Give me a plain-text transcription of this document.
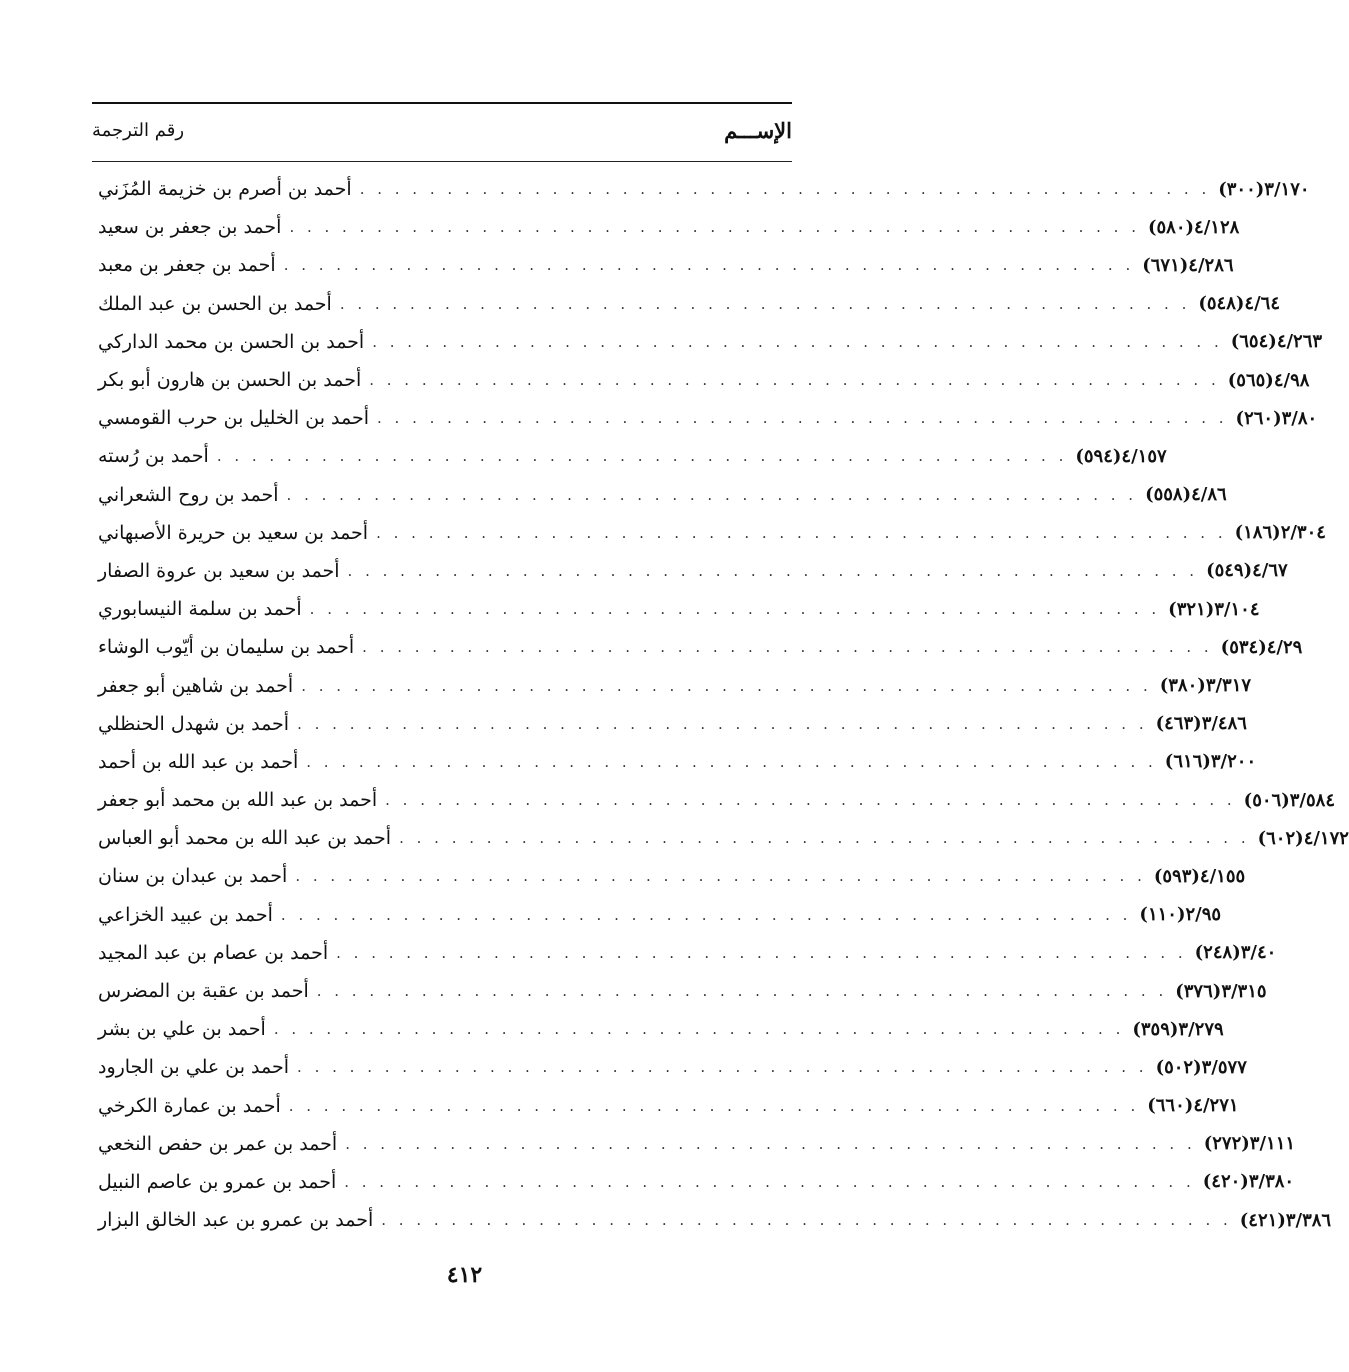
الإســـم
رقم الترجمة
أحمد بن أصرم بن خزيمة المُزَني . . . . . . . . . . . . . . . . . . . . . . . . . . . . . . . . . . . . . . . . . . . . . . . . . ٣/١٧٠(٣٠٠)
أحمد بن جعفر بن سعيد . . . . . . . . . . . . . . . . . . . . . . . . . . . . . . . . . . . . . . . . . . . . . . . . . ٤/١٢٨(٥٨٠)
أحمد بن جعفر بن معبد . . . . . . . . . . . . . . . . . . . . . . . . . . . . . . . . . . . . . . . . . . . . . . . . . ٤/٢٨٦(٦٧١)
أحمد بن الحسن بن عبد الملك . . . . . . . . . . . . . . . . . . . . . . . . . . . . . . . . . . . . . . . . . . . . . . . . . ٤/٦٤(٥٤٨)
أحمد بن الحسن بن محمد الداركي . . . . . . . . . . . . . . . . . . . . . . . . . . . . . . . . . . . . . . . . . . . . . . . . . ٤/٢٦٣(٦٥٤)
أحمد بن الحسن بن هارون أبو بكر . . . . . . . . . . . . . . . . . . . . . . . . . . . . . . . . . . . . . . . . . . . . . . . . . ٤/٩٨(٥٦٥)
أحمد بن الخليل بن حرب القومسي . . . . . . . . . . . . . . . . . . . . . . . . . . . . . . . . . . . . . . . . . . . . . . . . . ٣/٨٠(٢٦٠)
أحمد بن رُسته . . . . . . . . . . . . . . . . . . . . . . . . . . . . . . . . . . . . . . . . . . . . . . . . . ٤/١٥٧(٥٩٤)
أحمد بن روح الشعراني . . . . . . . . . . . . . . . . . . . . . . . . . . . . . . . . . . . . . . . . . . . . . . . . . ٤/٨٦(٥٥٨)
أحمد بن سعيد بن حريرة الأصبهاني . . . . . . . . . . . . . . . . . . . . . . . . . . . . . . . . . . . . . . . . . . . . . . . . . ٢/٣٠٤(١٨٦)
أحمد بن سعيد بن عروة الصفار . . . . . . . . . . . . . . . . . . . . . . . . . . . . . . . . . . . . . . . . . . . . . . . . . ٤/٦٧(٥٤٩)
أحمد بن سلمة النيسابوري . . . . . . . . . . . . . . . . . . . . . . . . . . . . . . . . . . . . . . . . . . . . . . . . . ٣/١٠٤(٣٢١)
أحمد بن سليمان بن أيّوب الوشاء . . . . . . . . . . . . . . . . . . . . . . . . . . . . . . . . . . . . . . . . . . . . . . . . . ٤/٢٩(٥٣٤)
أحمد بن شاهين أبو جعفر . . . . . . . . . . . . . . . . . . . . . . . . . . . . . . . . . . . . . . . . . . . . . . . . . ٣/٣١٧(٣٨٠)
أحمد بن شهدل الحنظلي . . . . . . . . . . . . . . . . . . . . . . . . . . . . . . . . . . . . . . . . . . . . . . . . . ٣/٤٨٦(٤٦٣)
أحمد بن عبد الله بن أحمد . . . . . . . . . . . . . . . . . . . . . . . . . . . . . . . . . . . . . . . . . . . . . . . . . ٣/٢٠٠(٦١٦)
أحمد بن عبد الله بن محمد أبو جعفر . . . . . . . . . . . . . . . . . . . . . . . . . . . . . . . . . . . . . . . . . . . . . . . . . ٣/٥٨٤(٥٠٦)
أحمد بن عبد الله بن محمد أبو العباس . . . . . . . . . . . . . . . . . . . . . . . . . . . . . . . . . . . . . . . . . . . . . . . . . ٤/١٧٢(٦٠٢)
أحمد بن عبدان بن سنان . . . . . . . . . . . . . . . . . . . . . . . . . . . . . . . . . . . . . . . . . . . . . . . . . ٤/١٥٥(٥٩٣)
أحمد بن عبيد الخزاعي . . . . . . . . . . . . . . . . . . . . . . . . . . . . . . . . . . . . . . . . . . . . . . . . . ٢/٩٥(١١٠)
أحمد بن عصام بن عبد المجيد . . . . . . . . . . . . . . . . . . . . . . . . . . . . . . . . . . . . . . . . . . . . . . . . . ٣/٤٠(٢٤٨)
أحمد بن عقبة بن المضرس . . . . . . . . . . . . . . . . . . . . . . . . . . . . . . . . . . . . . . . . . . . . . . . . . ٣/٣١٥(٣٧٦)
أحمد بن علي بن بشر . . . . . . . . . . . . . . . . . . . . . . . . . . . . . . . . . . . . . . . . . . . . . . . . . ٣/٢٧٩(٣٥٩)
أحمد بن علي بن الجارود . . . . . . . . . . . . . . . . . . . . . . . . . . . . . . . . . . . . . . . . . . . . . . . . . ٣/٥٧٧(٥٠٢)
أحمد بن عمارة الكرخي . . . . . . . . . . . . . . . . . . . . . . . . . . . . . . . . . . . . . . . . . . . . . . . . . ٤/٢٧١(٦٦٠)
أحمد بن عمر بن حفص النخعي . . . . . . . . . . . . . . . . . . . . . . . . . . . . . . . . . . . . . . . . . . . . . . . . . ٣/١١١(٢٧٢)
أحمد بن عمرو بن عاصم النبيل . . . . . . . . . . . . . . . . . . . . . . . . . . . . . . . . . . . . . . . . . . . . . . . . . ٣/٣٨٠(٤٢٠)
أحمد بن عمرو بن عبد الخالق البزار . . . . . . . . . . . . . . . . . . . . . . . . . . . . . . . . . . . . . . . . . . . . . . . . . ٣/٣٨٦(٤٢١)
٤١٢
